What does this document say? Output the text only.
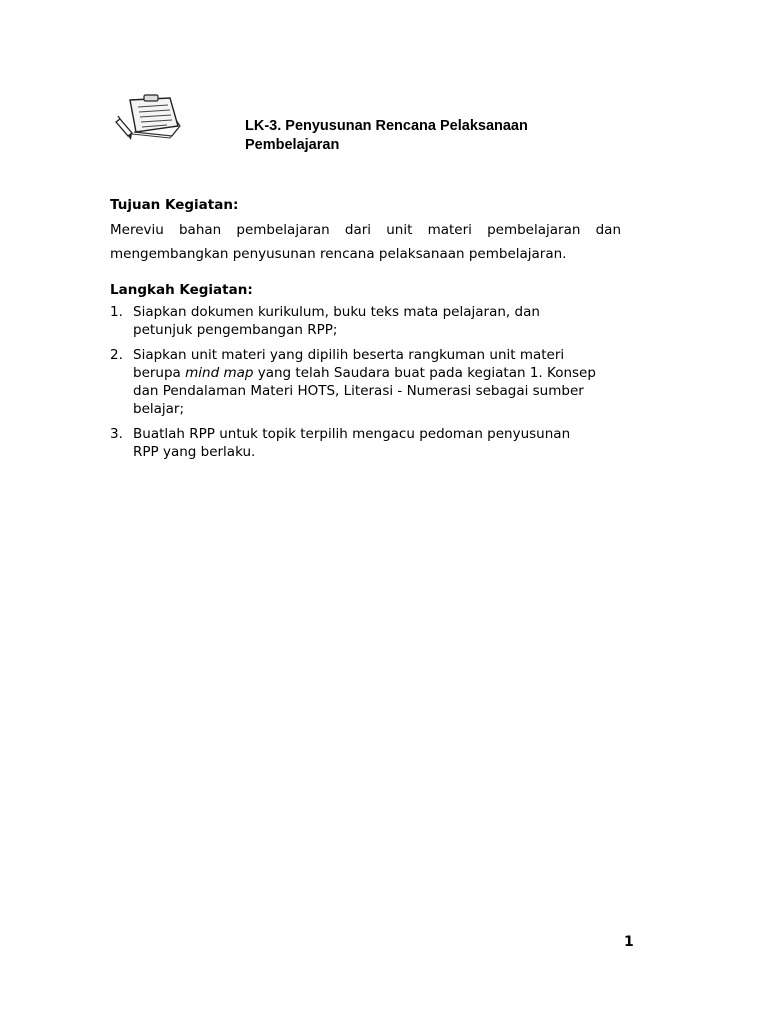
LK-3. Penyusunan Rencana Pelaksanaan
Pembelajaran
Tujuan Kegiatan:
Mereviu bahan pembelajaran dari unit materi pembelajaran dan
mengembangkan penyusunan rencana pelaksanaan pembelajaran.
Langkah Kegiatan:
1. Siapkan dokumen kurikulum, buku teks mata pelajaran, dan
petunjuk pengembangan RPP;
2. Siapkan unit materi yang dipilih beserta rangkuman unit materi
berupa mind map yang telah Saudara buat pada kegiatan 1. Konsep
dan Pendalaman Materi HOTS, Literasi - Numerasi sebagai sumber
belajar;
3. Buatlah RPP untuk topik terpilih mengacu pedoman penyusunan
RPP yang berlaku.
1
